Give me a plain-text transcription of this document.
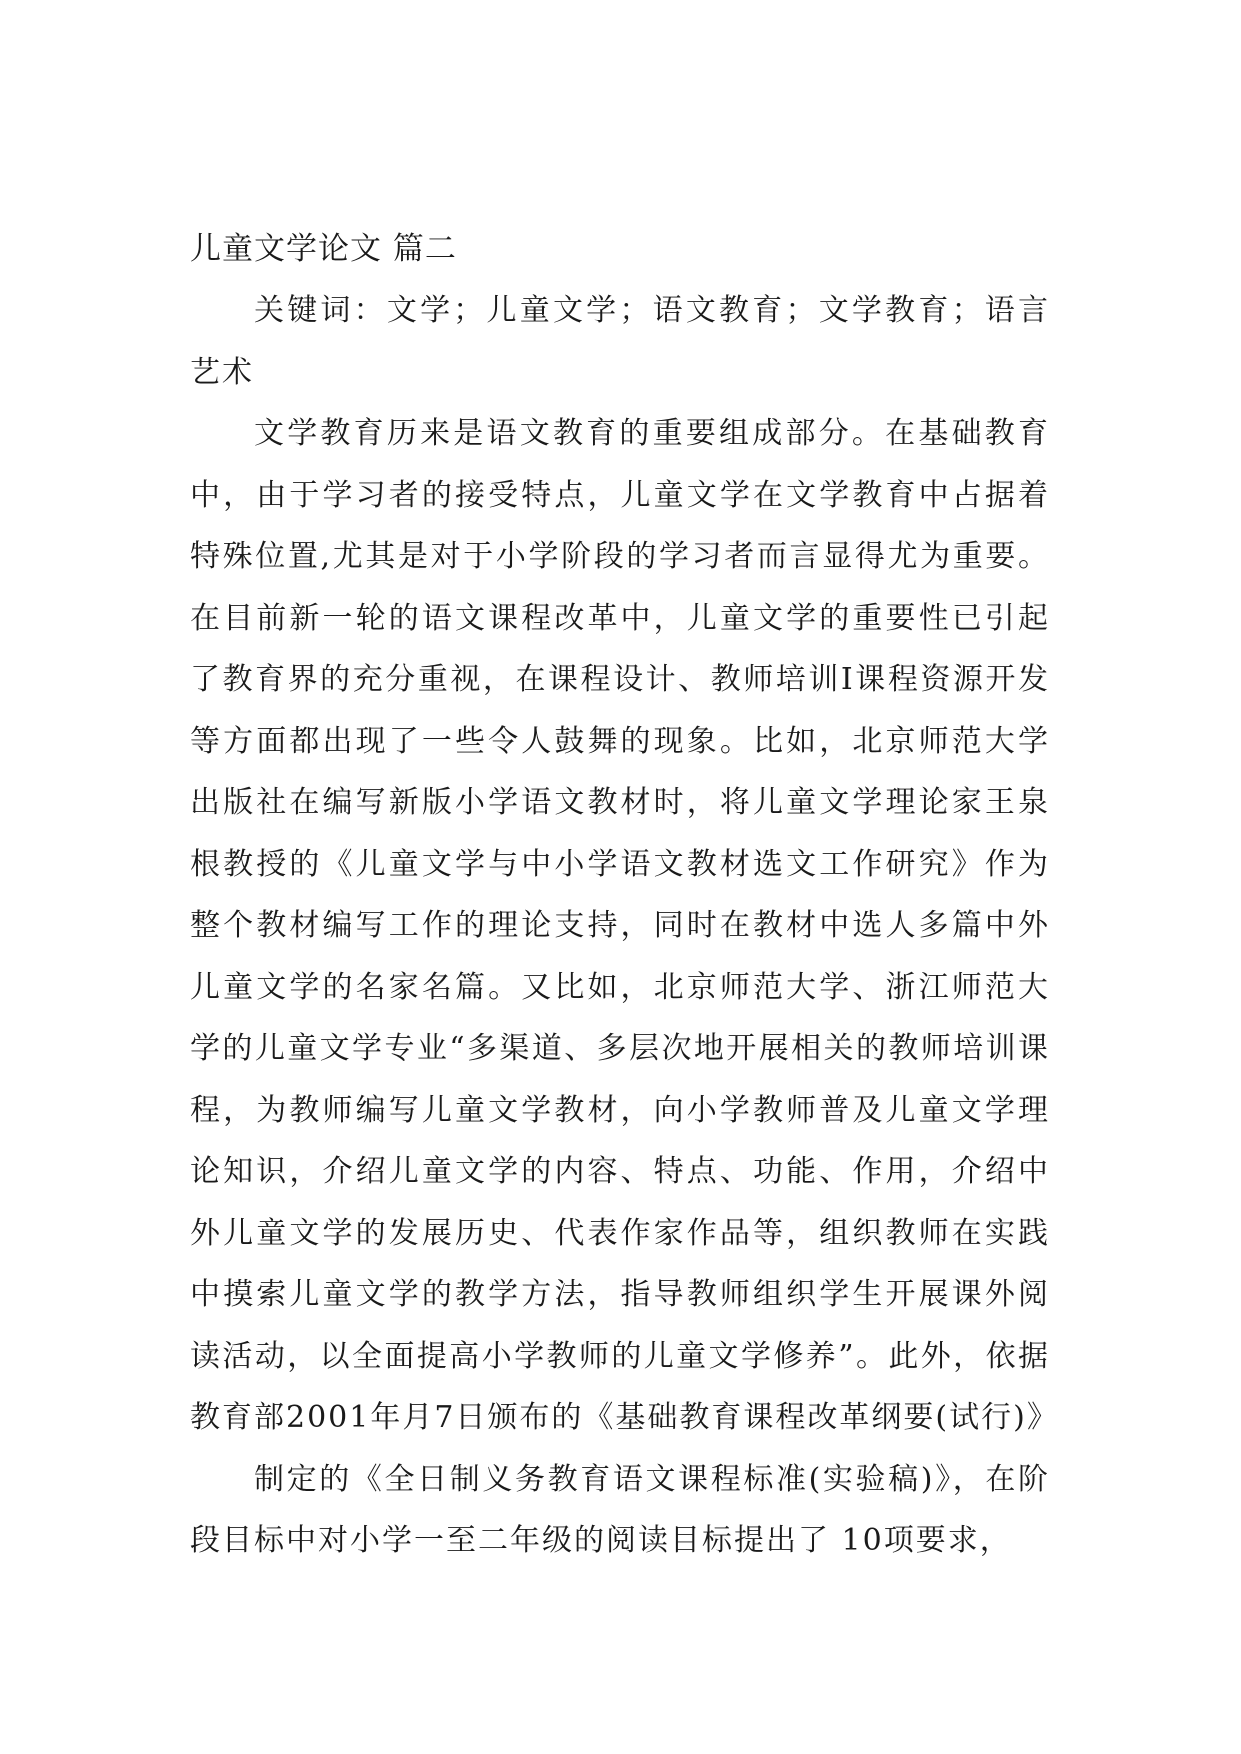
儿童文学论文 篇二

关键词：文学；儿童文学；语文教育；文学教育；语言艺术

文学教育历来是语文教育的重要组成部分。在基础教育中，由于学习者的接受特点，儿童文学在文学教育中占据着特殊位置,尤其是对于小学阶段的学习者而言显得尤为重要。在目前新一轮的语文课程改革中，儿童文学的重要性已引起了教育界的充分重视，在课程设计、教师培训Ⅰ课程资源开发等方面都出现了一些令人鼓舞的现象。比如，北京师范大学出版社在编写新版小学语文教材时，将儿童文学理论家王泉根教授的《儿童文学与中小学语文教材选文工作研究》作为整个教材编写工作的理论支持，同时在教材中选人多篇中外儿童文学的名家名篇。又比如，北京师范大学、浙江师范大学的儿童文学专业“多渠道、多层次地开展相关的教师培训课程，为教师编写儿童文学教材，向小学教师普及儿童文学理论知识，介绍儿童文学的内容、特点、功能、作用，介绍中外儿童文学的发展历史、代表作家作品等，组织教师在实践中摸索儿童文学的教学方法，指导教师组织学生开展课外阅读活动，以全面提高小学教师的儿童文学修养”。此外，依据教育部2001年月7日颁布的《基础教育课程改革纲要(试行)》

制定的《全日制义务教育语文课程标准(实验稿)》，在阶段目标中对小学一至二年级的阅读目标提出了 10项要求，
